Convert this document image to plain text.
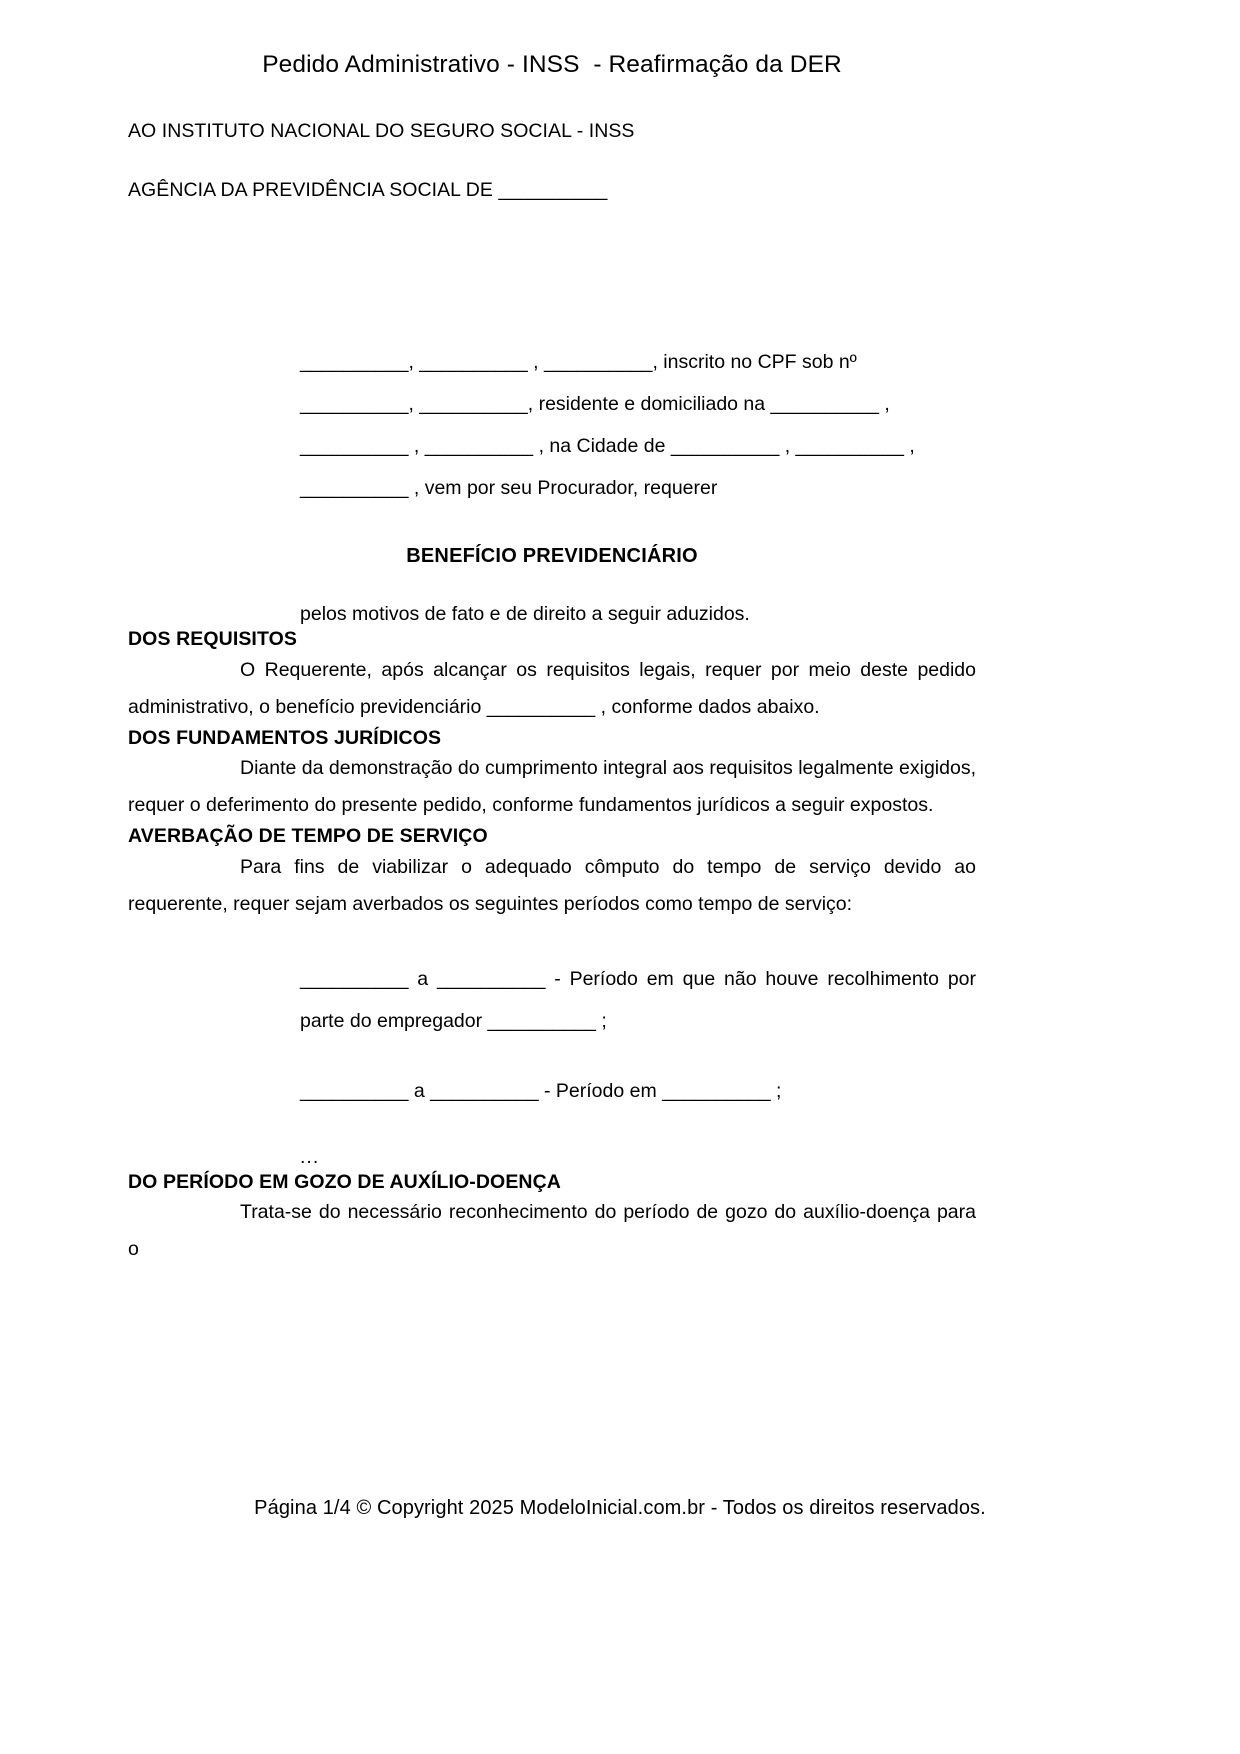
Pedido Administrativo - INSS  - Reafirmação da DER
AO INSTITUTO NACIONAL DO SEGURO SOCIAL - INSS
AGÊNCIA DA PREVIDÊNCIA SOCIAL DE __________
__________, __________ , __________, inscrito no CPF sob nº
__________, __________, residente e domiciliado na __________ ,
__________ , __________ , na Cidade de __________ , __________ ,
__________ , vem por seu Procurador, requerer
BENEFÍCIO PREVIDENCIÁRIO
pelos motivos de fato e de direito a seguir aduzidos.
DOS REQUISITOS

O Requerente, após alcançar os requisitos legais, requer por meio deste pedido administrativo, o benefício previdenciário __________ , conforme dados abaixo.

DOS FUNDAMENTOS JURÍDICOS

Diante da demonstração do cumprimento integral aos requisitos legalmente exigidos, requer o deferimento do presente pedido, conforme fundamentos jurídicos a seguir expostos.

AVERBAÇÃO DE TEMPO DE SERVIÇO

Para fins de viabilizar o adequado cômputo do tempo de serviço devido ao requerente, requer sejam averbados os seguintes períodos como tempo de serviço:

__________ a __________ - Período em que não houve recolhimento por parte do empregador __________ ;

__________ a __________ - Período em __________ ;

...
DO PERÍODO EM GOZO DE AUXÍLIO-DOENÇA

Trata-se do necessário reconhecimento do período de gozo do auxílio-doença para o

Página 1/4 © Copyright 2025 ModeloInicial.com.br - Todos os direitos reservados.
